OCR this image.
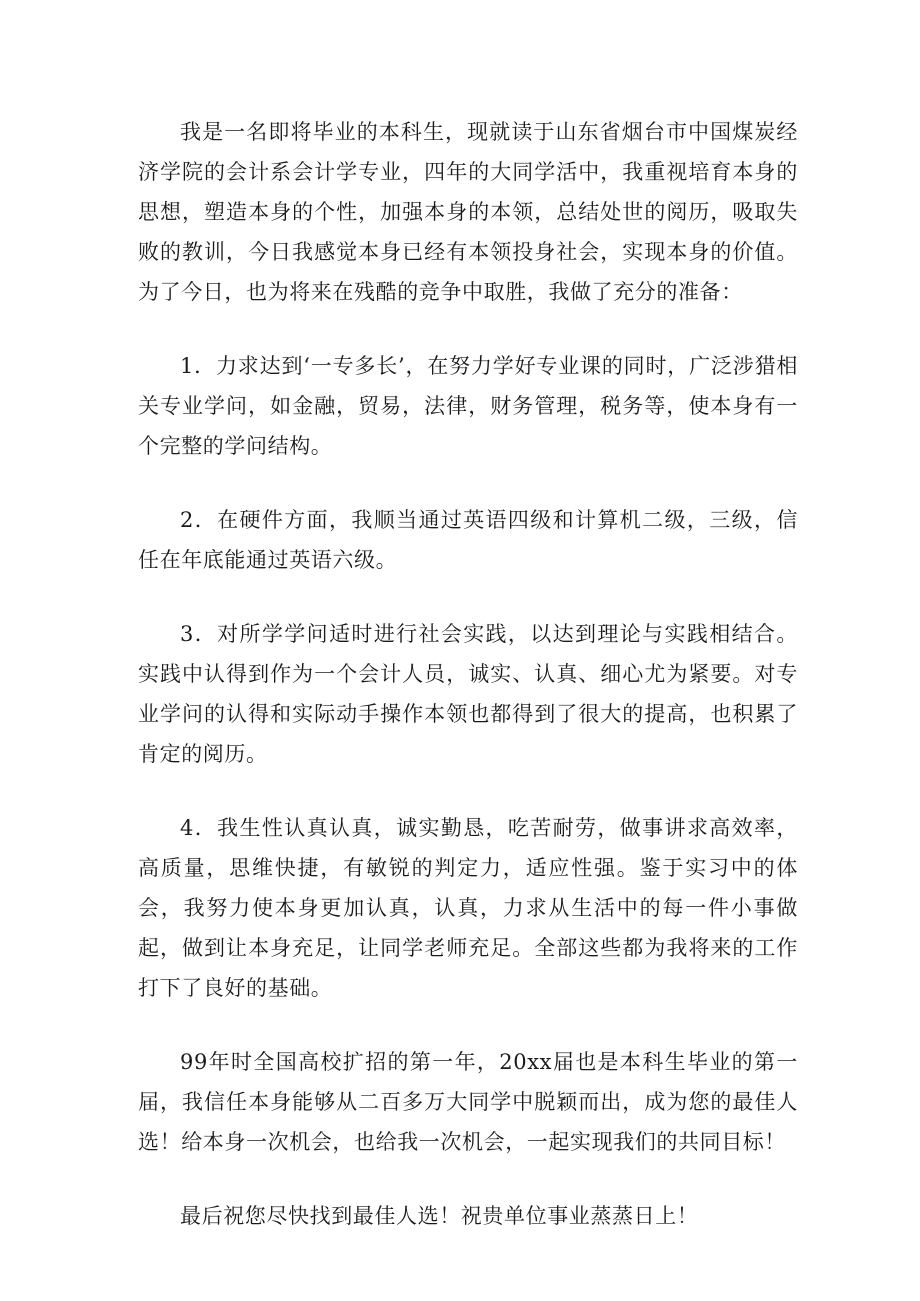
我是一名即将毕业的本科生，现就读于山东省烟台市中国煤炭经济学院的会计系会计学专业，四年的大同学活中，我重视培育本身的思想，塑造本身的个性，加强本身的本领，总结处世的阅历，吸取失败的教训，今日我感觉本身已经有本领投身社会，实现本身的价值。为了今日，也为将来在残酷的竞争中取胜，我做了充分的准备：

1．力求达到‘一专多长’，在努力学好专业课的同时，广泛涉猎相关专业学问，如金融，贸易，法律，财务管理，税务等，使本身有一个完整的学问结构。

2．在硬件方面，我顺当通过英语四级和计算机二级，三级，信任在年底能通过英语六级。

3．对所学学问适时进行社会实践，以达到理论与实践相结合。实践中认得到作为一个会计人员，诚实、认真、细心尤为紧要。对专业学问的认得和实际动手操作本领也都得到了很大的提高，也积累了肯定的阅历。

4．我生性认真认真，诚实勤恳，吃苦耐劳，做事讲求高效率，高质量，思维快捷，有敏锐的判定力，适应性强。鉴于实习中的体会，我努力使本身更加认真，认真，力求从生活中的每一件小事做起，做到让本身充足，让同学老师充足。全部这些都为我将来的工作打下了良好的基础。

99年时全国高校扩招的第一年，20xx届也是本科生毕业的第一届，我信任本身能够从二百多万大同学中脱颖而出，成为您的最佳人选！给本身一次机会，也给我一次机会，一起实现我们的共同目标！

最后祝您尽快找到最佳人选！祝贵单位事业蒸蒸日上！
